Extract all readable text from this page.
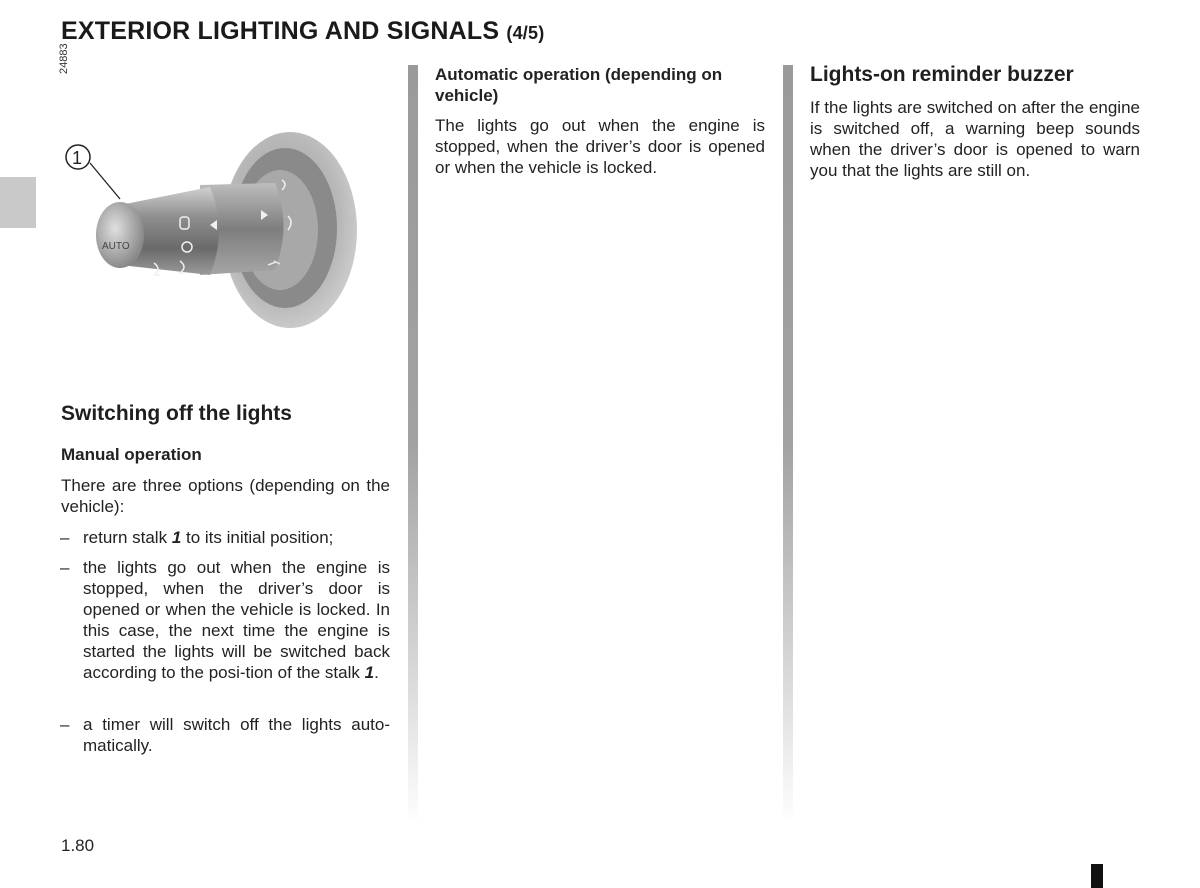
EXTERIOR LIGHTING AND SIGNALS (4/5)
24883
AUTO
1
Switching off the lights
Manual operation
There are three options (depending on the vehicle):
– return stalk 1 to its initial position;
– the lights go out when the engine is stopped, when the driver’s door is opened or when the vehicle is locked. In this case, the next time the engine is started the lights will be switched back according to the posi-tion of the stalk 1.
– a timer will switch off the lights auto-matically.
Automatic operation (depending on vehicle)
The lights go out when the engine is stopped, when the driver’s door is opened or when the vehicle is locked.
Lights-on reminder buzzer
If the lights are switched on after the engine is switched off, a warning beep sounds when the driver’s door is opened to warn you that the lights are still on.
1.80
